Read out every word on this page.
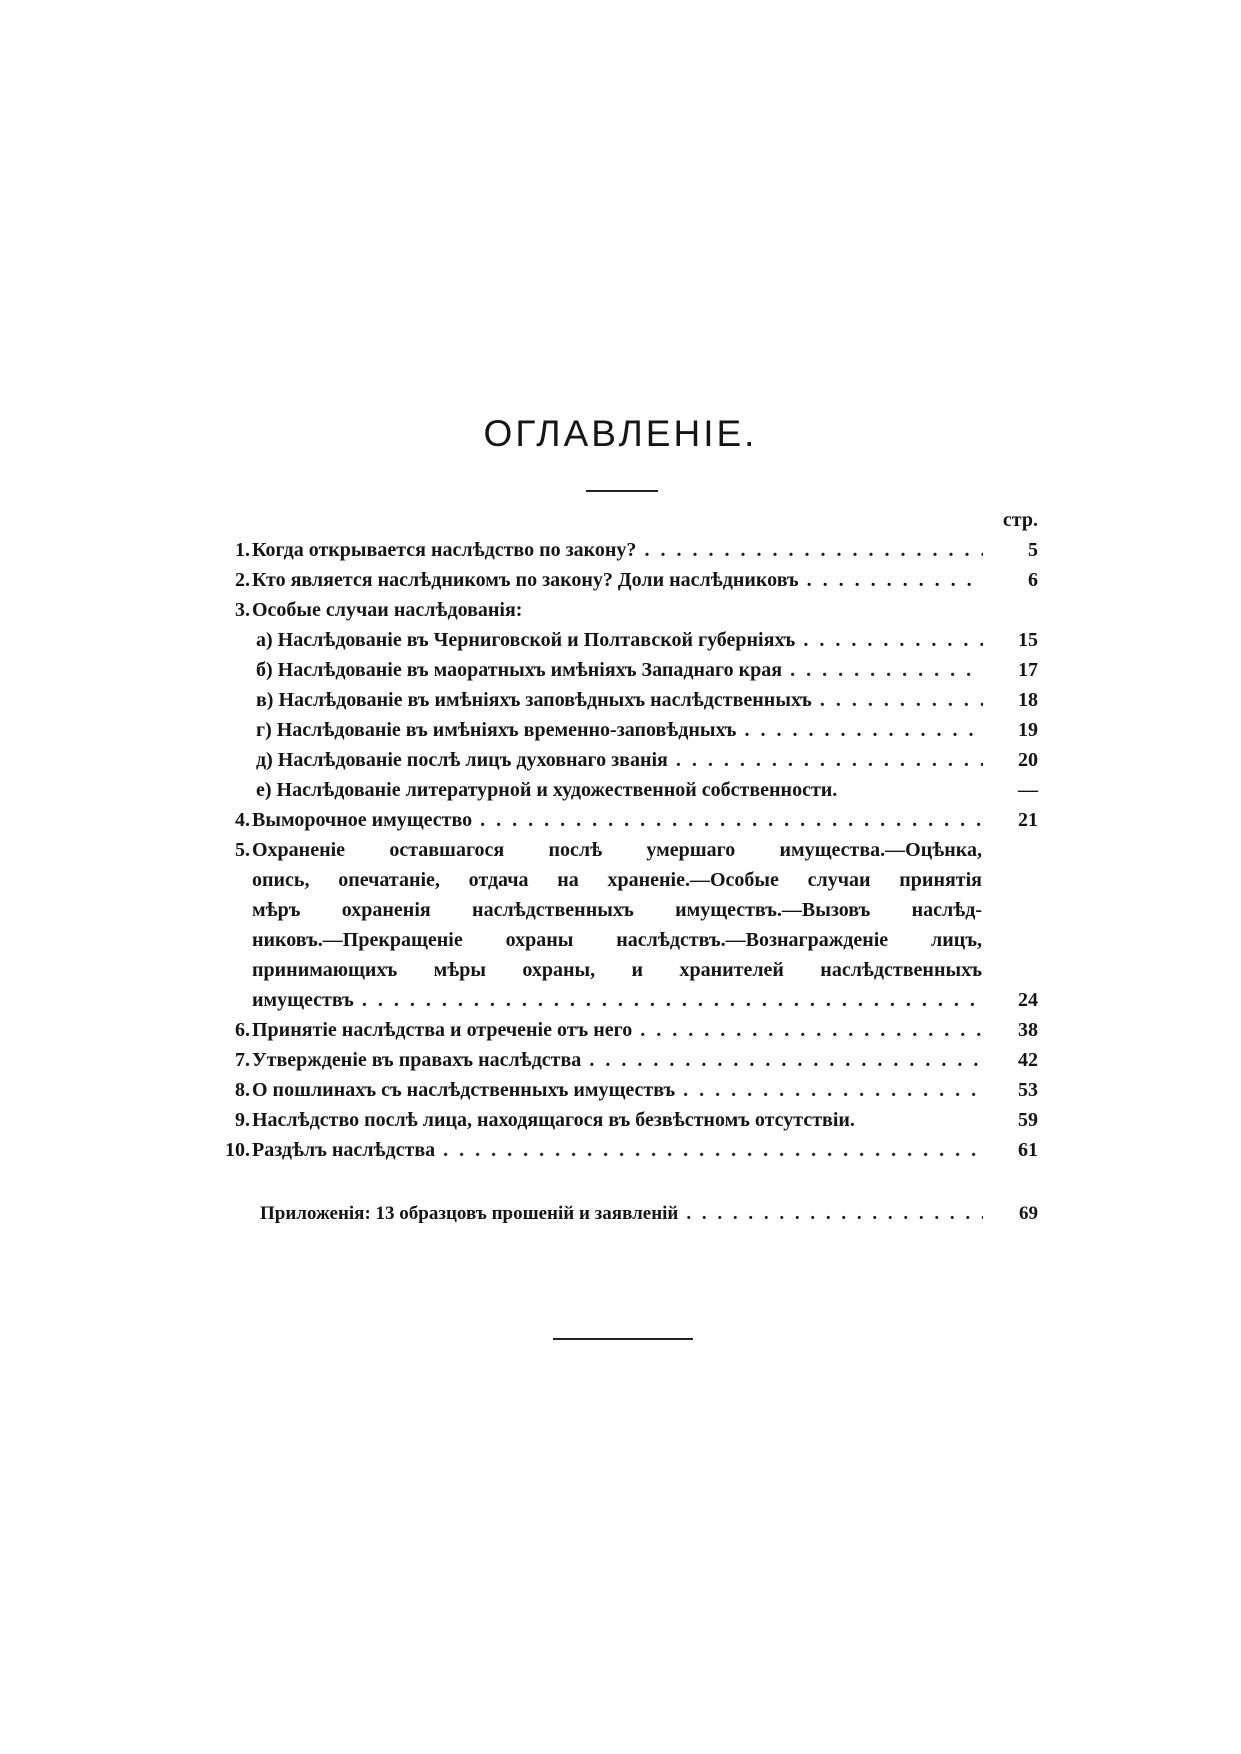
ОГЛАВЛЕНІЕ.
стр.
1. Когда открывается наслѣдство по закону? . . .	5
2. Кто является наслѣдникомъ по закону? Доли наслѣдниковъ . . .	6
3. Особые случаи наслѣдованія:
а) Наслѣдованіе въ Черниговской и Полтавской губерніяхъ . . .	15
б) Наслѣдованіе въ маоратныхъ имѣніяхъ Западнаго края . . .	17
в) Наслѣдованіе въ имѣніяхъ заповѣдныхъ наслѣдственныхъ . . .	18
г) Наслѣдованіе въ имѣніяхъ временно-заповѣдныхъ . . .	19
д) Наслѣдованіе послѣ лицъ духовнаго званія . . .	20
е) Наслѣдованіе литературной и художественной собственности.	—
4. Выморочное имущество . . .	21
5. Охраненіе оставшагося послѣ умершаго имущества.—Оцѣнка,
опись, опечатаніе, отдача на храненіе.—Особые случаи принятія
мѣръ охраненія наслѣдственныхъ имуществъ.—Вызовъ наслѣд-
никовъ.—Прекращеніе охраны наслѣдствъ.—Вознагражденіе лицъ,
принимающихъ мѣры охраны, и хранителей наслѣдственныхъ
имуществъ . . .	24
6. Принятіе наслѣдства и отреченіе отъ него . . .	38
7. Утвержденіе въ правахъ наслѣдства . . .	42
8. О пошлинахъ съ наслѣдственныхъ имуществъ . . .	53
9. Наслѣдство послѣ лица, находящагося въ безвѣстномъ отсутствіи.	59
10. Раздѣлъ наслѣдства . . .	61
Приложенія: 13 образцовъ прошеній и заявленій . . .	69
